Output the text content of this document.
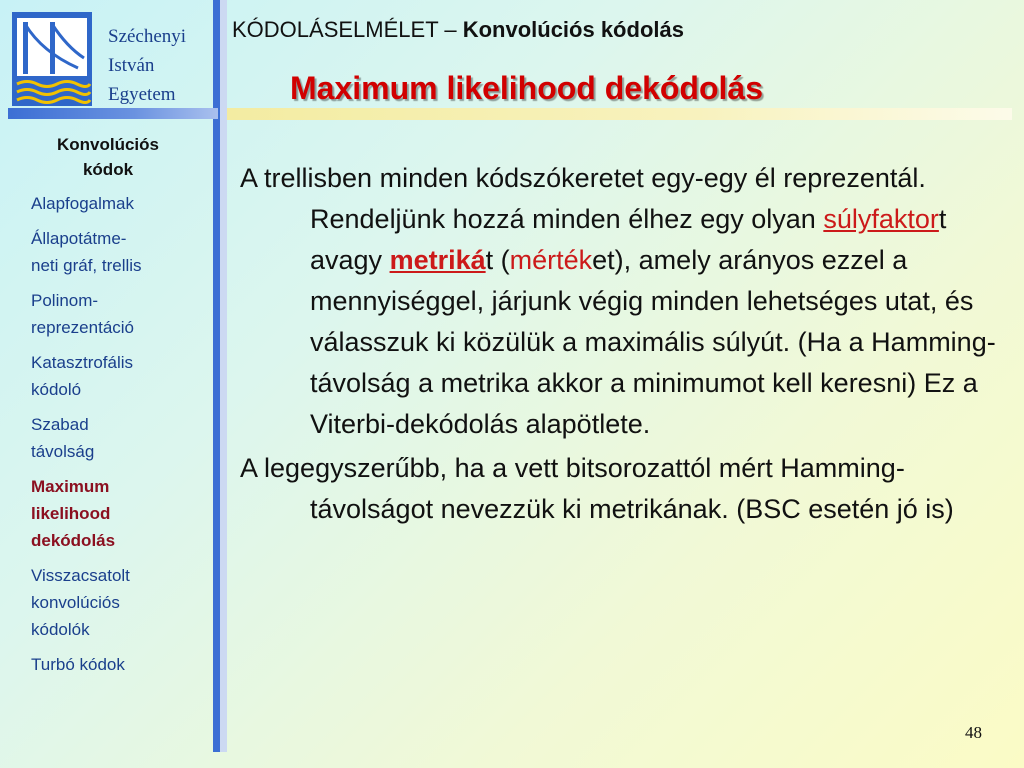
Széchenyi
István
Egyetem
KÓDOLÁSELMÉLET – Konvolúciós kódolás
Maximum likelihood dekódolás
Konvolúciós
kódok
Alapfogalmak
Állapotátme-
neti gráf, trellis
Polinom-
reprezentáció
Katasztrofális
kódoló
Szabad
távolság
Maximum
likelihood
dekódolás
Visszacsatolt
konvolúciós
kódolók
Turbó kódok

A trellisben minden kódszókeretet egy-egy él reprezentál. Rendeljünk hozzá minden élhez egy olyan súlyfaktort avagy metrikát (mértéket), amely arányos ezzel a mennyiséggel, járjunk végig minden lehetséges utat, és válasszuk ki közülük a maximális súlyút. (Ha a Hamming-távolság a metrika akkor a minimumot kell keresni) Ez a Viterbi-dekódolás alapötlete.

A legegyszerűbb, ha a vett bitsorozattól mért Hamming-távolságot nevezzük ki metrikának. (BSC esetén jó is)

48
